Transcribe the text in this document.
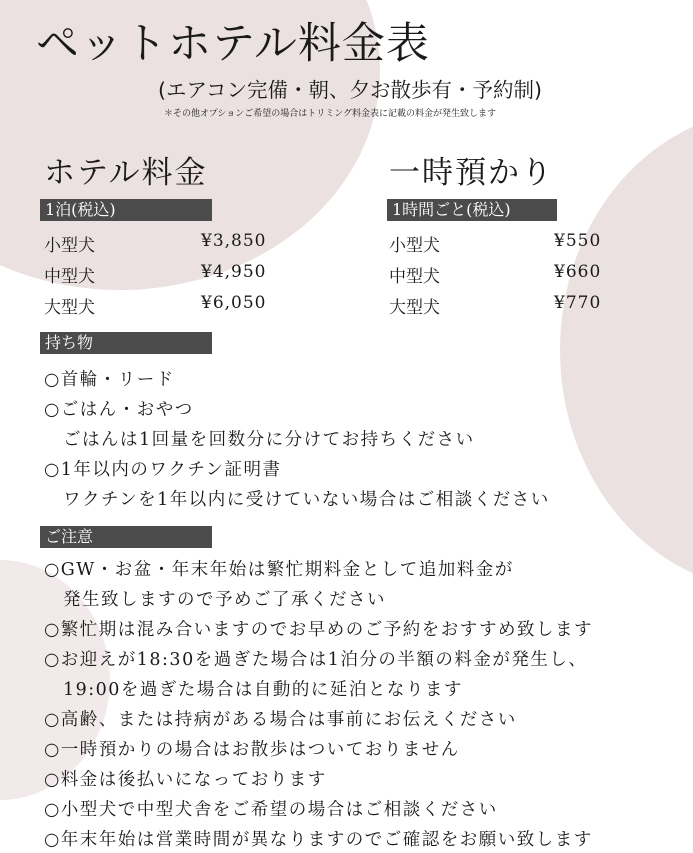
ペットホテル料金表
(エアコン完備・朝、夕お散歩有・予約制)
＊その他オプションご希望の場合はトリミング料金表に記載の料金が発生致します
ホテル料金
1泊(税込)
小型犬	¥3,850
中型犬	¥4,950
大型犬	¥6,050
一時預かり
1時間ごと(税込)
小型犬	¥550
中型犬	¥660
大型犬	¥770
持ち物
○首輪・リード
○ごはん・おやつ
　ごはんは1回量を回数分に分けてお持ちください
○1年以内のワクチン証明書
　ワクチンを1年以内に受けていない場合はご相談ください
ご注意
○GW・お盆・年末年始は繁忙期料金として追加料金が
　発生致しますので予めご了承ください
○繁忙期は混み合いますのでお早めのご予約をおすすめ致します
○お迎えが18:30を過ぎた場合は1泊分の半額の料金が発生し、
　19:00を過ぎた場合は自動的に延泊となります
○高齢、または持病がある場合は事前にお伝えください
○一時預かりの場合はお散歩はついておりません
○料金は後払いになっております
○小型犬で中型犬舎をご希望の場合はご相談ください
○年末年始は営業時間が異なりますのでご確認をお願い致します
